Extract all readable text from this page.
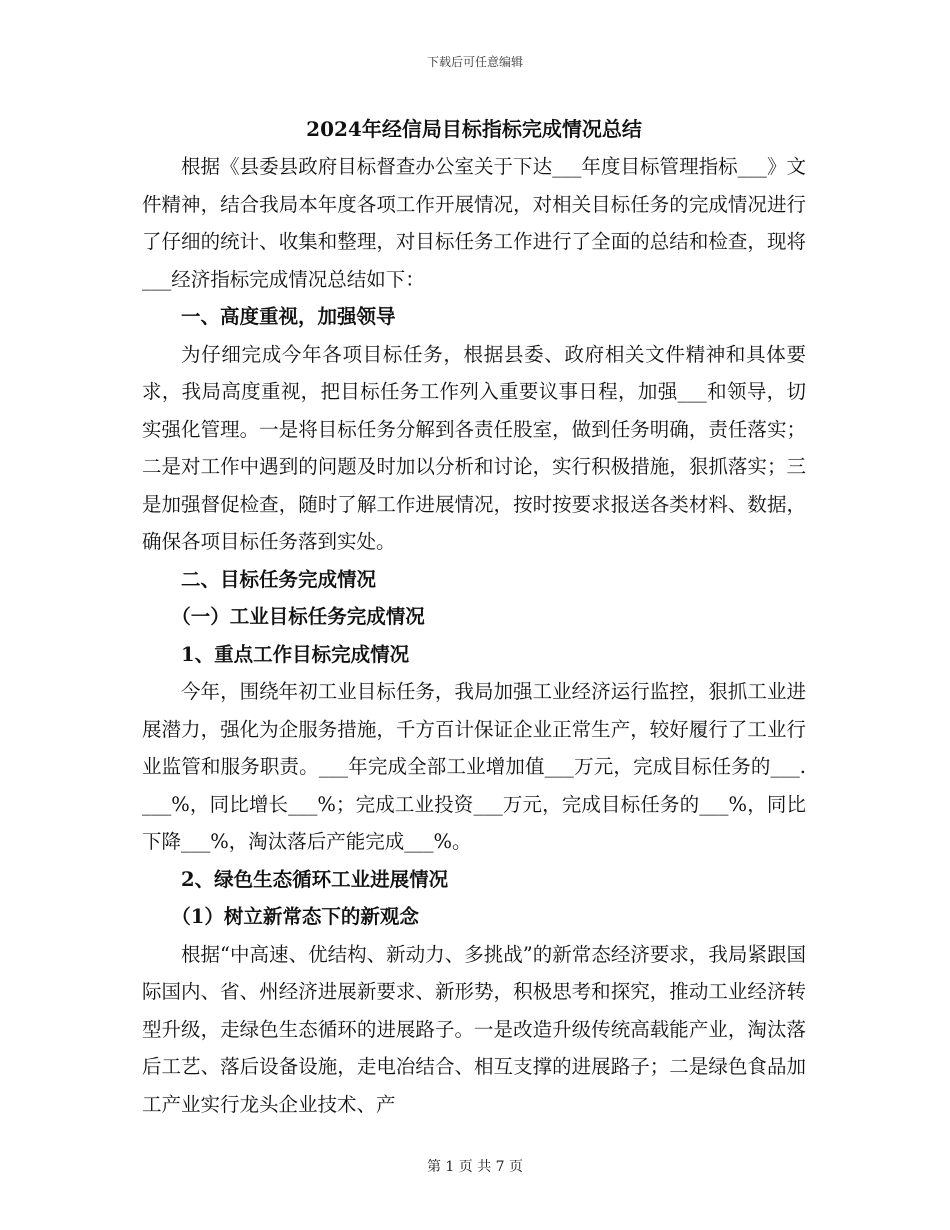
下载后可任意编辑
2024年经信局目标指标完成情况总结

根据《县委县政府目标督查办公室关于下达___年度目标管理指标___》文件精神，结合我局本年度各项工作开展情况，对相关目标任务的完成情况进行了仔细的统计、收集和整理，对目标任务工作进行了全面的总结和检查，现将___经济指标完成情况总结如下：

一、高度重视，加强领导

为仔细完成今年各项目标任务，根据县委、政府相关文件精神和具体要求，我局高度重视，把目标任务工作列入重要议事日程，加强___和领导，切实强化管理。一是将目标任务分解到各责任股室，做到任务明确，责任落实；二是对工作中遇到的问题及时加以分析和讨论，实行积极措施，狠抓落实；三是加强督促检查，随时了解工作进展情况，按时按要求报送各类材料、数据，确保各项目标任务落到实处。

二、目标任务完成情况

（一）工业目标任务完成情况

1、重点工作目标完成情况

今年，围绕年初工业目标任务，我局加强工业经济运行监控，狠抓工业进展潜力，强化为企服务措施，千方百计保证企业正常生产，较好履行了工业行业监管和服务职责。___年完成全部工业增加值___万元，完成目标任务的___.___%，同比增长___%；完成工业投资___万元，完成目标任务的___%，同比下降___%，淘汰落后产能完成___%。

2、绿色生态循环工业进展情况

（1）树立新常态下的新观念

根据“中高速、优结构、新动力、多挑战”的新常态经济要求，我局紧跟国际国内、省、州经济进展新要求、新形势，积极思考和探究，推动工业经济转型升级，走绿色生态循环的进展路子。一是改造升级传统高载能产业，淘汰落后工艺、落后设备设施，走电冶结合、相互支撑的进展路子；二是绿色食品加工产业实行龙头企业技术、产

第 1 页 共 7 页
